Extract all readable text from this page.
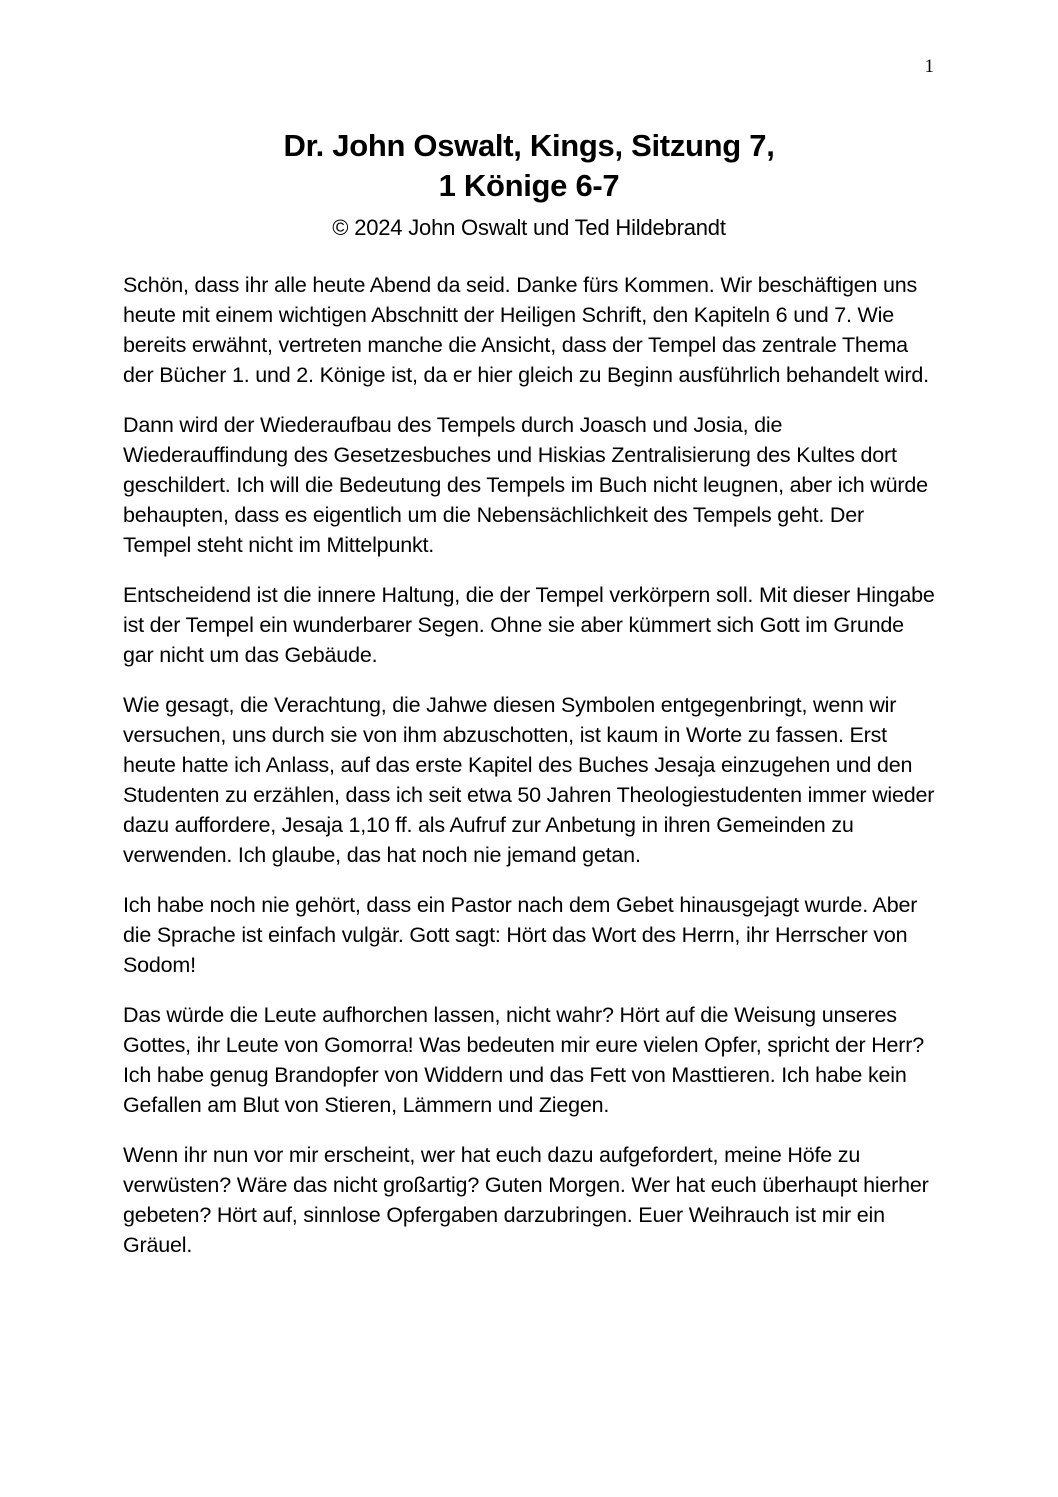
1
Dr. John Oswalt, Kings, Sitzung 7,
1 Könige 6-7
© 2024 John Oswalt und Ted Hildebrandt

Schön, dass ihr alle heute Abend da seid. Danke fürs Kommen. Wir beschäftigen uns heute mit einem wichtigen Abschnitt der Heiligen Schrift, den Kapiteln 6 und 7. Wie bereits erwähnt, vertreten manche die Ansicht, dass der Tempel das zentrale Thema der Bücher 1. und 2. Könige ist, da er hier gleich zu Beginn ausführlich behandelt wird.

Dann wird der Wiederaufbau des Tempels durch Joasch und Josia, die Wiederauffindung des Gesetzesbuches und Hiskias Zentralisierung des Kultes dort geschildert. Ich will die Bedeutung des Tempels im Buch nicht leugnen, aber ich würde behaupten, dass es eigentlich um die Nebensächlichkeit des Tempels geht. Der Tempel steht nicht im Mittelpunkt.

Entscheidend ist die innere Haltung, die der Tempel verkörpern soll. Mit dieser Hingabe ist der Tempel ein wunderbarer Segen. Ohne sie aber kümmert sich Gott im Grunde gar nicht um das Gebäude.

Wie gesagt, die Verachtung, die Jahwe diesen Symbolen entgegenbringt, wenn wir versuchen, uns durch sie von ihm abzuschotten, ist kaum in Worte zu fassen. Erst heute hatte ich Anlass, auf das erste Kapitel des Buches Jesaja einzugehen und den Studenten zu erzählen, dass ich seit etwa 50 Jahren Theologiestudenten immer wieder dazu auffordere, Jesaja 1,10 ff. als Aufruf zur Anbetung in ihren Gemeinden zu verwenden. Ich glaube, das hat noch nie jemand getan.

Ich habe noch nie gehört, dass ein Pastor nach dem Gebet hinausgejagt wurde. Aber die Sprache ist einfach vulgär. Gott sagt: Hört das Wort des Herrn, ihr Herrscher von Sodom!

Das würde die Leute aufhorchen lassen, nicht wahr? Hört auf die Weisung unseres Gottes, ihr Leute von Gomorra! Was bedeuten mir eure vielen Opfer, spricht der Herr? Ich habe genug Brandopfer von Widdern und das Fett von Masttieren. Ich habe kein Gefallen am Blut von Stieren, Lämmern und Ziegen.

Wenn ihr nun vor mir erscheint, wer hat euch dazu aufgefordert, meine Höfe zu verwüsten? Wäre das nicht großartig? Guten Morgen. Wer hat euch überhaupt hierher gebeten? Hört auf, sinnlose Opfergaben darzubringen. Euer Weihrauch ist mir ein Gräuel.
